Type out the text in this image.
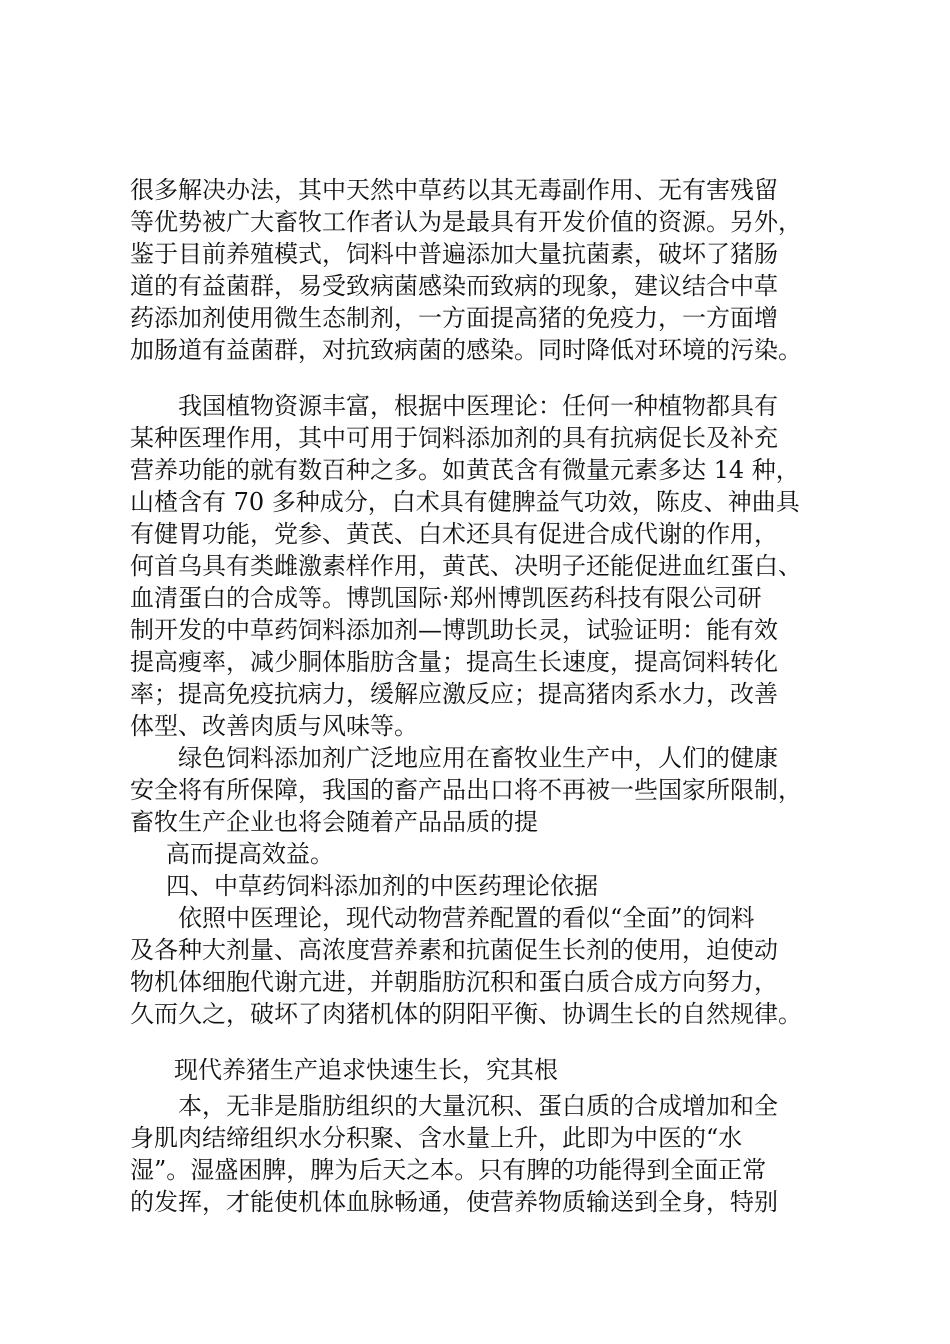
很多解决办法，其中天然中草药以其无毒副作用、无有害残留
等优势被广大畜牧工作者认为是最具有开发价值的资源。另外，
鉴于目前养殖模式，饲料中普遍添加大量抗菌素，破坏了猪肠
道的有益菌群，易受致病菌感染而致病的现象，建议结合中草
药添加剂使用微生态制剂，一方面提高猪的免疫力，一方面增
加肠道有益菌群，对抗致病菌的感染。同时降低对环境的污染。
我国植物资源丰富，根据中医理论：任何一种植物都具有
某种医理作用，其中可用于饲料添加剂的具有抗病促长及补充
营养功能的就有数百种之多。如黄芪含有微量元素多达 14 种，
山楂含有 70 多种成分，白术具有健脾益气功效，陈皮、神曲具
有健胃功能，党参、黄芪、白术还具有促进合成代谢的作用，
何首乌具有类雌激素样作用，黄芪、决明子还能促进血红蛋白、
血清蛋白的合成等。博凯国际·郑州博凯医药科技有限公司研
制开发的中草药饲料添加剂—博凯助长灵，试验证明：能有效
提高瘦率，减少胴体脂肪含量；提高生长速度，提高饲料转化
率；提高免疫抗病力，缓解应激反应；提高猪肉系水力，改善
体型、改善肉质与风味等。
绿色饲料添加剂广泛地应用在畜牧业生产中，人们的健康
安全将有所保障，我国的畜产品出口将不再被一些国家所限制，
畜牧生产企业也将会随着产品品质的提
高而提高效益。
四、中草药饲料添加剂的中医药理论依据
依照中医理论，现代动物营养配置的看似“全面”的饲料
及各种大剂量、高浓度营养素和抗菌促生长剂的使用，迫使动
物机体细胞代谢亢进，并朝脂肪沉积和蛋白质合成方向努力，
久而久之，破坏了肉猪机体的阴阳平衡、协调生长的自然规律。
现代养猪生产追求快速生长，究其根
本，无非是脂肪组织的大量沉积、蛋白质的合成增加和全
身肌肉结缔组织水分积聚、含水量上升，此即为中医的“水
湿”。湿盛困脾，脾为后天之本。只有脾的功能得到全面正常
的发挥，才能使机体血脉畅通，使营养物质输送到全身，特别
